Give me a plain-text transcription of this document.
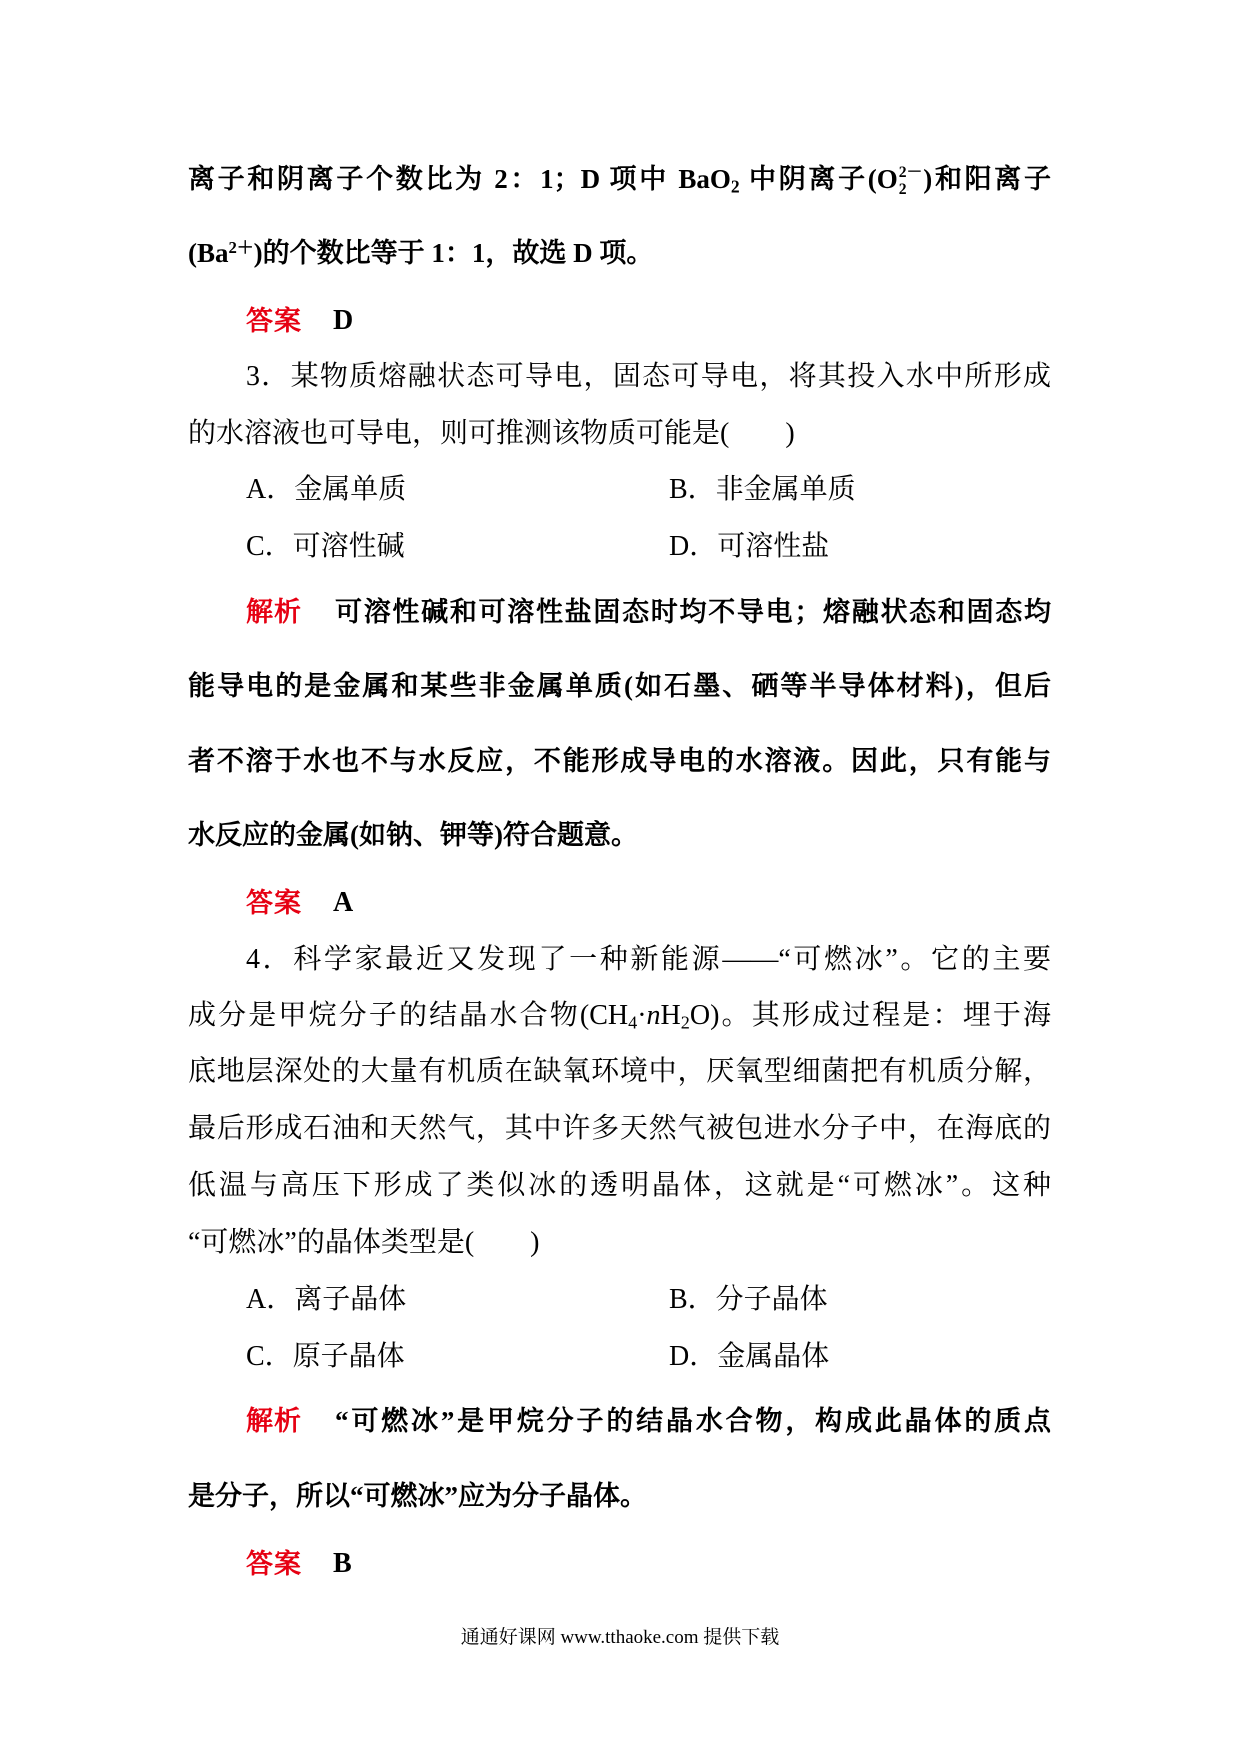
离子和阴离子个数比为 2：1；D 项中 BaO2 中阴离子(O 2－
2 )和阳离子
$(Ba^{2+})$的个数比等于 1：1，故选 D 项。
答案 D
3．某物质熔融状态可导电，固态可导电，将其投入水中所形成
的水溶液也可导电，则可推测该物质可能是(　　)
A．金属单质	B．非金属单质
C．可溶性碱	D．可溶性盐
解析 可溶性碱和可溶性盐固态时均不导电；熔融状态和固态均
能导电的是金属和某些非金属单质(如石墨、硒等半导体材料)，但后
者不溶于水也不与水反应，不能形成导电的水溶液。因此，只有能与
水反应的金属(如钠、钾等)符合题意。
答案 A
4．科学家最近又发现了一种新能源——“可燃冰”。它的主要
成分是甲烷分子的结晶水合物(CH4·nH2O)。其形成过程是：埋于海
底地层深处的大量有机质在缺氧环境中，厌氧型细菌把有机质分解，
最后形成石油和天然气，其中许多天然气被包进水分子中，在海底的
低温与高压下形成了类似冰的透明晶体，这就是“可燃冰”。这种
“可燃冰”的晶体类型是(　　)
A．离子晶体	B．分子晶体
C．原子晶体	D．金属晶体
解析 “可燃冰”是甲烷分子的结晶水合物，构成此晶体的质点
是分子，所以“可燃冰”应为分子晶体。
答案 B
通通好课网 www.tthaoke.com 提供下载
